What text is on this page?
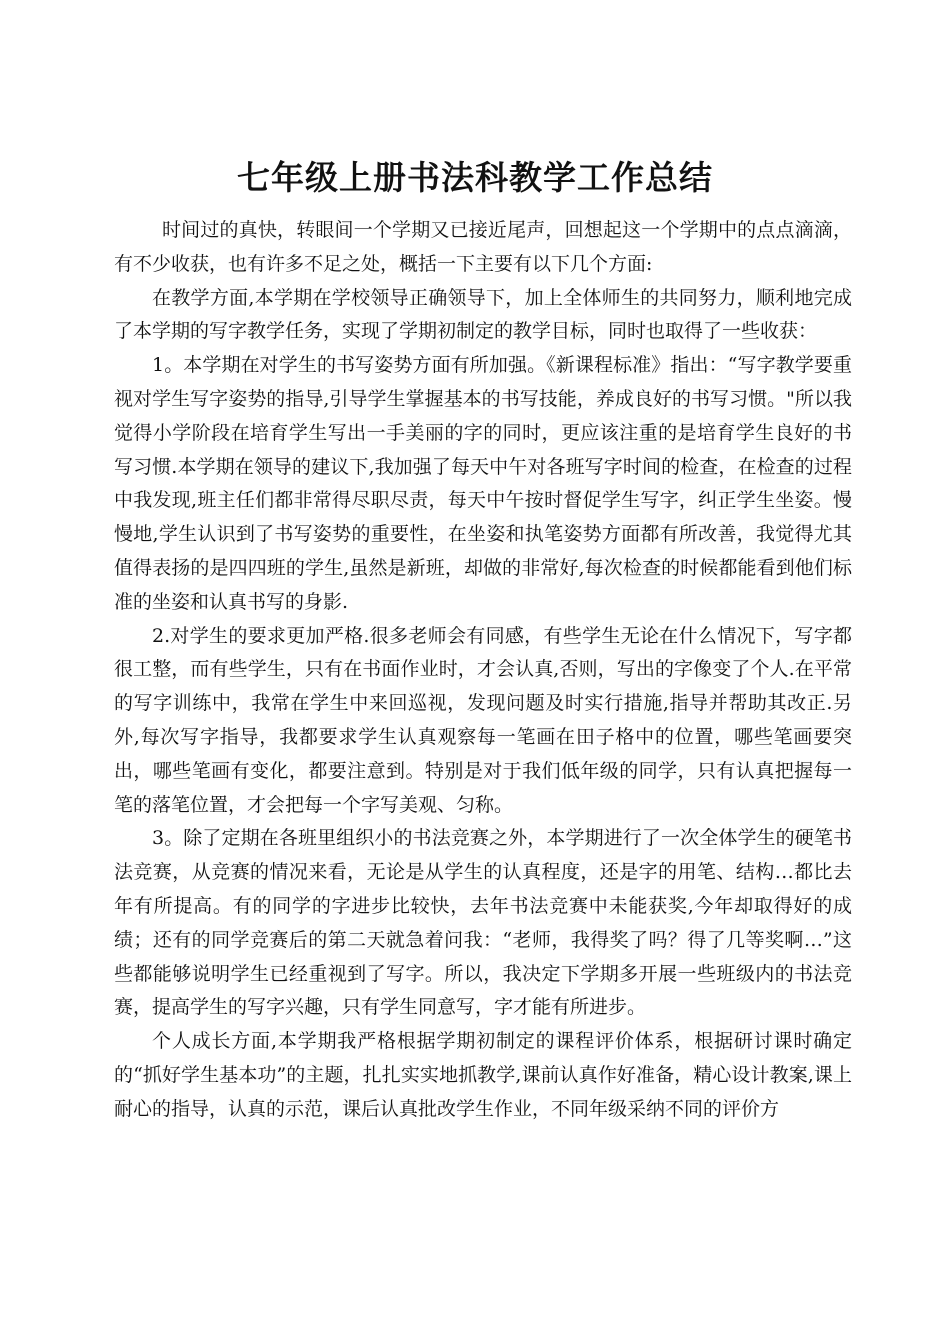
七年级上册书法科教学工作总结

时间过的真快，转眼间一个学期又已接近尾声，回想起这一个学期中的点点滴滴，有不少收获，也有许多不足之处，概括一下主要有以下几个方面:

在教学方面,本学期在学校领导正确领导下，加上全体师生的共同努力，顺利地完成了本学期的写字教学任务，实现了学期初制定的教学目标，同时也取得了一些收获：

1。本学期在对学生的书写姿势方面有所加强。《新课程标准》指出：“写字教学要重视对学生写字姿势的指导,引导学生掌握基本的书写技能，养成良好的书写习惯。"所以我觉得小学阶段在培育学生写出一手美丽的字的同时，更应该注重的是培育学生良好的书写习惯.本学期在领导的建议下,我加强了每天中午对各班写字时间的检查，在检查的过程中我发现,班主任们都非常得尽职尽责，每天中午按时督促学生写字，纠正学生坐姿。慢慢地,学生认识到了书写姿势的重要性，在坐姿和执笔姿势方面都有所改善，我觉得尤其值得表扬的是四四班的学生,虽然是新班，却做的非常好,每次检查的时候都能看到他们标准的坐姿和认真书写的身影.

2.对学生的要求更加严格.很多老师会有同感，有些学生无论在什么情况下，写字都很工整，而有些学生，只有在书面作业时，才会认真,否则，写出的字像变了个人.在平常的写字训练中，我常在学生中来回巡视，发现问题及时实行措施,指导并帮助其改正.另外,每次写字指导，我都要求学生认真观察每一笔画在田子格中的位置，哪些笔画要突出，哪些笔画有变化，都要注意到。特别是对于我们低年级的同学，只有认真把握每一笔的落笔位置，才会把每一个字写美观、匀称。

3。除了定期在各班里组织小的书法竞赛之外，本学期进行了一次全体学生的硬笔书法竞赛，从竞赛的情况来看，无论是从学生的认真程度，还是字的用笔、结构…都比去年有所提高。有的同学的字进步比较快，去年书法竞赛中未能获奖,今年却取得好的成绩；还有的同学竞赛后的第二天就急着问我：“老师，我得奖了吗？得了几等奖啊…”这些都能够说明学生已经重视到了写字。所以，我决定下学期多开展一些班级内的书法竞赛，提高学生的写字兴趣，只有学生同意写，字才能有所进步。

个人成长方面,本学期我严格根据学期初制定的课程评价体系，根据研讨课时确定的“抓好学生基本功”的主题，扎扎实实地抓教学,课前认真作好准备，精心设计教案,课上耐心的指导，认真的示范，课后认真批改学生作业，不同年级采纳不同的评价方
